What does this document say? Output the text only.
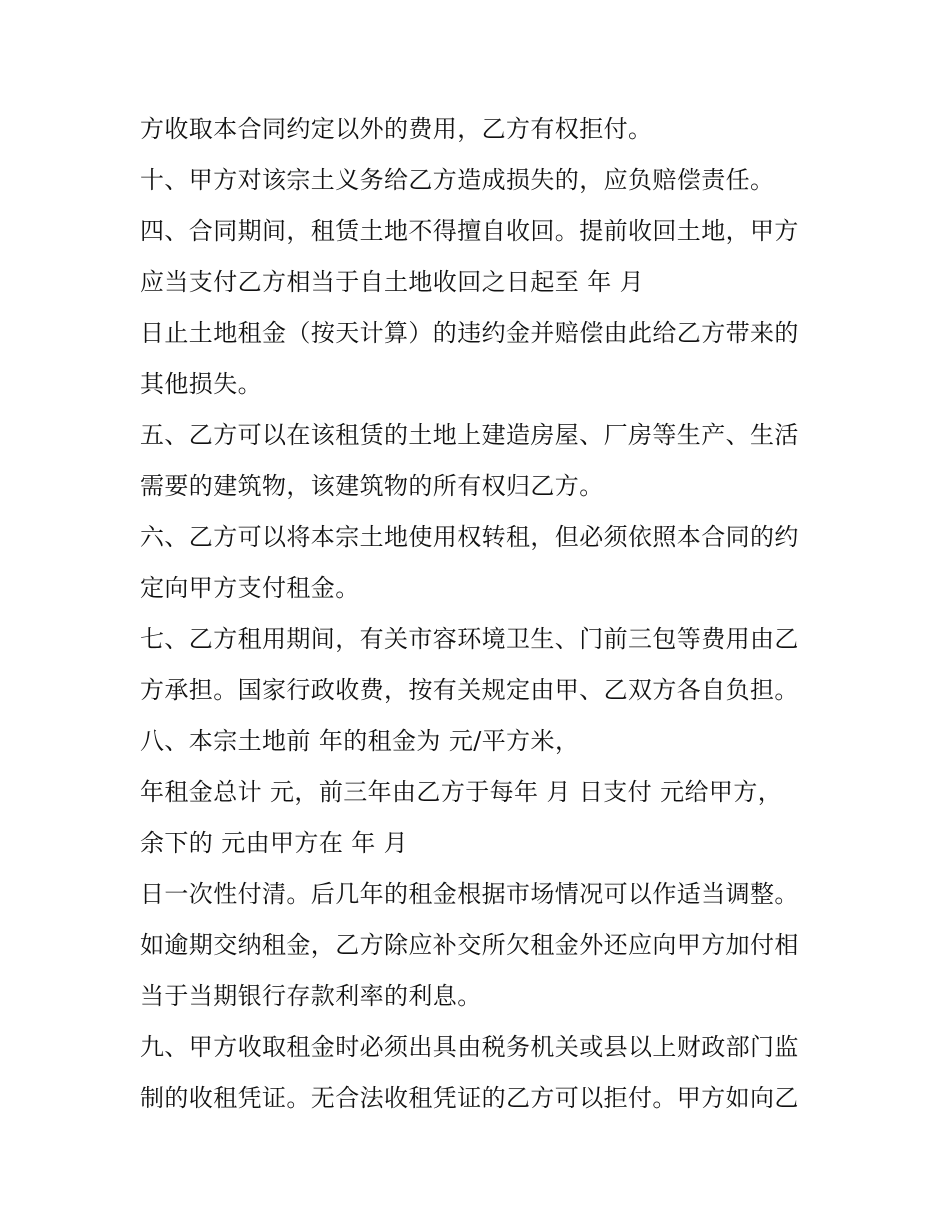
方收取本合同约定以外的费用，乙方有权拒付。
十、甲方对该宗土义务给乙方造成损失的，应负赔偿责任。
四、合同期间，租赁土地不得擅自收回。提前收回土地，甲方
应当支付乙方相当于自土地收回之日起至 年 月
日止土地租金（按天计算）的违约金并赔偿由此给乙方带来的
其他损失。
五、乙方可以在该租赁的土地上建造房屋、厂房等生产、生活
需要的建筑物，该建筑物的所有权归乙方。
六、乙方可以将本宗土地使用权转租，但必须依照本合同的约
定向甲方支付租金。
七、乙方租用期间，有关市容环境卫生、门前三包等费用由乙
方承担。国家行政收费，按有关规定由甲、乙双方各自负担。
八、本宗土地前 年的租金为 元/平方米，
年租金总计 元，前三年由乙方于每年 月 日支付 元给甲方，
余下的 元由甲方在 年 月
日一次性付清。后几年的租金根据市场情况可以作适当调整。
如逾期交纳租金，乙方除应补交所欠租金外还应向甲方加付相
当于当期银行存款利率的利息。
九、甲方收取租金时必须出具由税务机关或县以上财政部门监
制的收租凭证。无合法收租凭证的乙方可以拒付。甲方如向乙
